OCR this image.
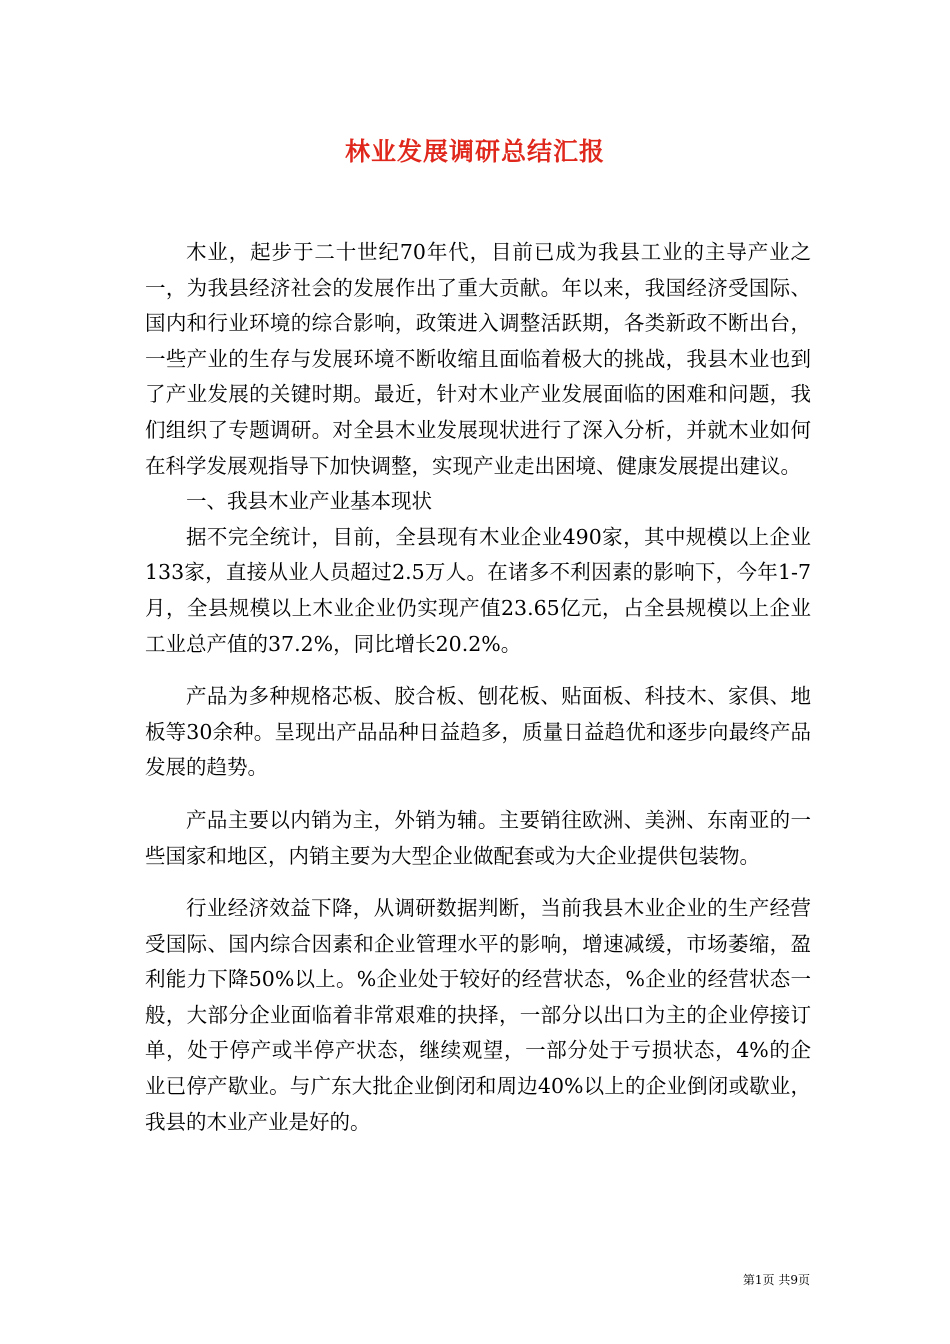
林业发展调研总结汇报

木业，起步于二十世纪70年代，目前已成为我县工业的主导产业之一，为我县经济社会的发展作出了重大贡献。年以来，我国经济受国际、国内和行业环境的综合影响，政策进入调整活跃期，各类新政不断出台，一些产业的生存与发展环境不断收缩且面临着极大的挑战，我县木业也到了产业发展的关键时期。最近，针对木业产业发展面临的困难和问题，我们组织了专题调研。对全县木业发展现状进行了深入分析，并就木业如何在科学发展观指导下加快调整，实现产业走出困境、健康发展提出建议。

一、我县木业产业基本现状

据不完全统计，目前，全县现有木业企业490家，其中规模以上企业133家，直接从业人员超过2.5万人。在诸多不利因素的影响下，今年1-7月，全县规模以上木业企业仍实现产值23.65亿元，占全县规模以上企业工业总产值的37.2%，同比增长20.2%。

产品为多种规格芯板、胶合板、刨花板、贴面板、科技木、家俱、地板等30余种。呈现出产品品种日益趋多，质量日益趋优和逐步向最终产品发展的趋势。

产品主要以内销为主，外销为辅。主要销往欧洲、美洲、东南亚的一些国家和地区，内销主要为大型企业做配套或为大企业提供包装物。

行业经济效益下降，从调研数据判断，当前我县木业企业的生产经营受国际、国内综合因素和企业管理水平的影响，增速减缓，市场萎缩，盈利能力下降50%以上。%企业处于较好的经营状态，%企业的经营状态一般，大部分企业面临着非常艰难的抉择，一部分以出口为主的企业停接订单，处于停产或半停产状态，继续观望，一部分处于亏损状态，4%的企业已停产歇业。与广东大批企业倒闭和周边40%以上的企业倒闭或歇业，我县的木业产业是好的。

第1页 共9页
